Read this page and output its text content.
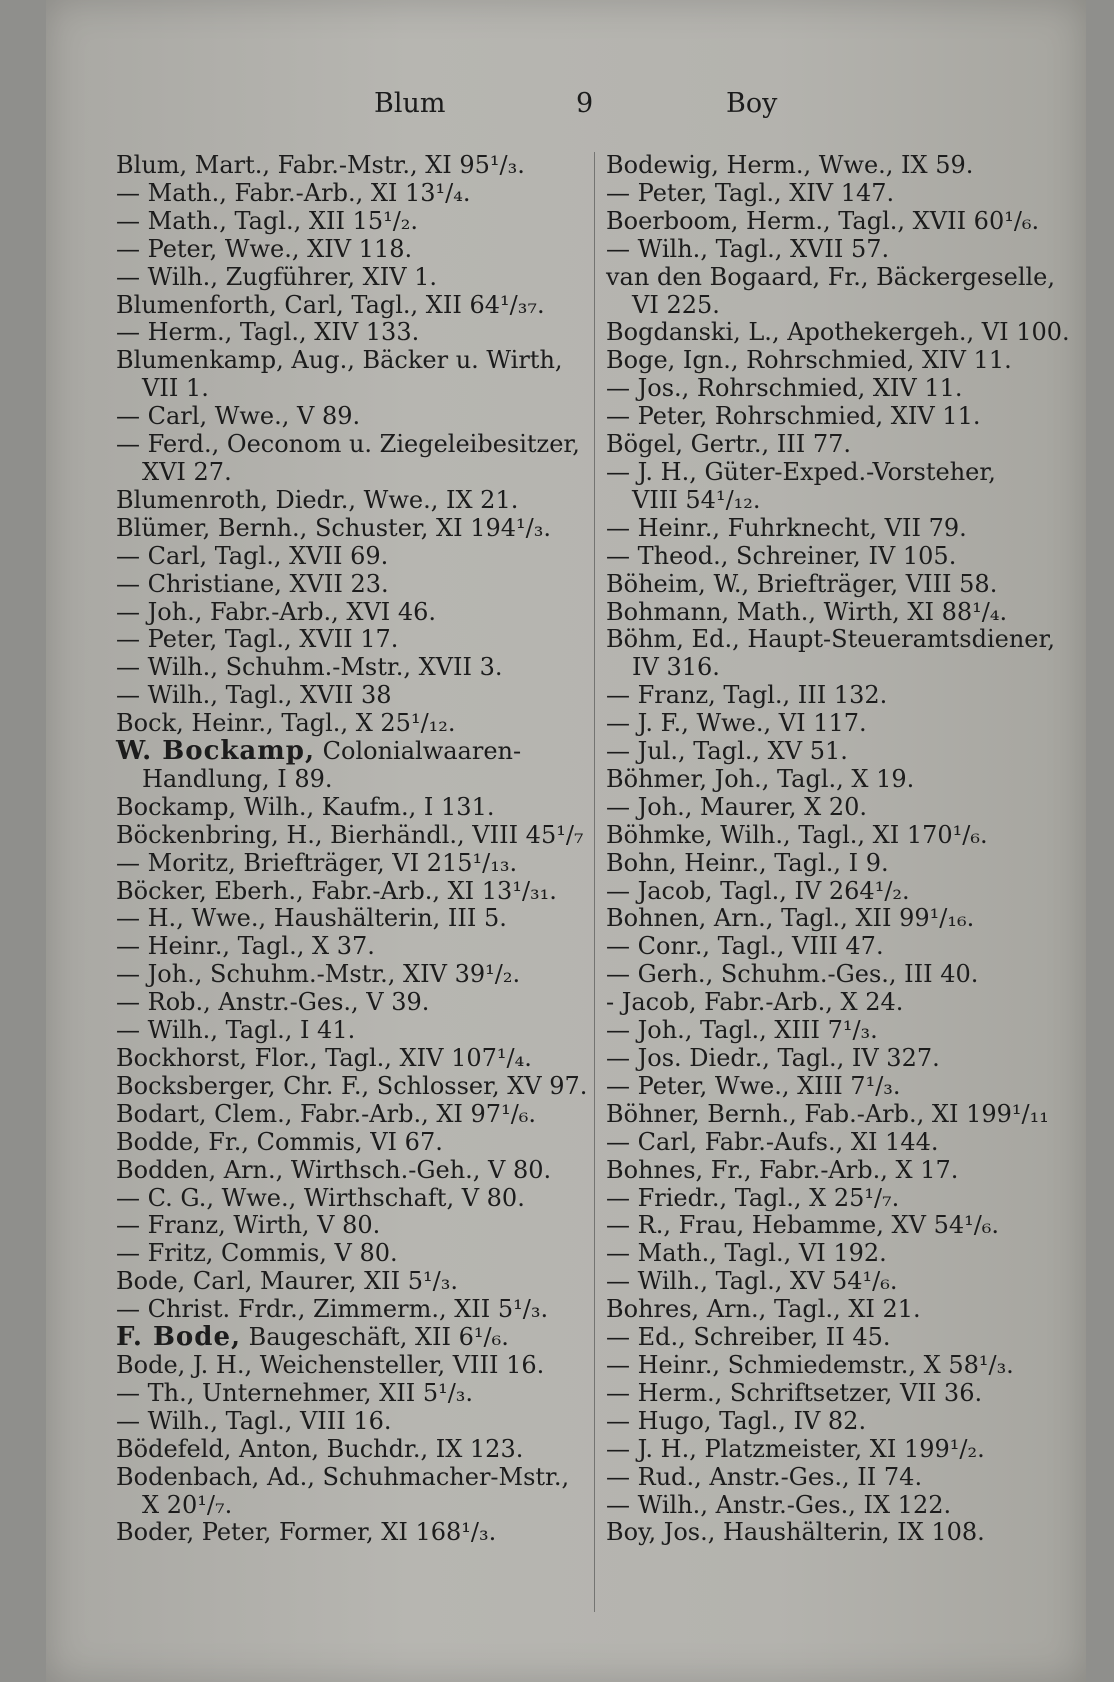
Blum	9	Boy
Blum, Mart., Fabr.-Mstr., XI 95¹/₃.
— Math., Fabr.-Arb., XI 13¹/₄.
— Math., Tagl., XII 15¹/₂.
— Peter, Wwe., XIV 118.
— Wilh., Zugführer, XIV 1.
Blumenforth, Carl, Tagl., XII 64¹/₃₇.
— Herm., Tagl., XIV 133.
Blumenkamp, Aug., Bäcker u. Wirth,
VII 1.
— Carl, Wwe., V 89.
— Ferd., Oeconom u. Ziegeleibesitzer,
XVI 27.
Blumenroth, Diedr., Wwe., IX 21.
Blümer, Bernh., Schuster, XI 194¹/₃.
— Carl, Tagl., XVII 69.
— Christiane, XVII 23.
— Joh., Fabr.-Arb., XVI 46.
— Peter, Tagl., XVII 17.
— Wilh., Schuhm.-Mstr., XVII 3.
— Wilh., Tagl., XVII 38
Bock, Heinr., Tagl., X 25¹/₁₂.
W. Bockamp, Colonialwaaren-
Handlung, I 89.
Bockamp, Wilh., Kaufm., I 131.
Böckenbring, H., Bierhändl., VIII 45¹/₇
— Moritz, Briefträger, VI 215¹/₁₃.
Böcker, Eberh., Fabr.-Arb., XI 13¹/₃₁.
— H., Wwe., Haushälterin, III 5.
— Heinr., Tagl., X 37.
— Joh., Schuhm.-Mstr., XIV 39¹/₂.
— Rob., Anstr.-Ges., V 39.
— Wilh., Tagl., I 41.
Bockhorst, Flor., Tagl., XIV 107¹/₄.
Bocksberger, Chr. F., Schlosser, XV 97.
Bodart, Clem., Fabr.-Arb., XI 97¹/₆.
Bodde, Fr., Commis, VI 67.
Bodden, Arn., Wirthsch.-Geh., V 80.
— C. G., Wwe., Wirthschaft, V 80.
— Franz, Wirth, V 80.
— Fritz, Commis, V 80.
Bode, Carl, Maurer, XII 5¹/₃.
— Christ. Frdr., Zimmerm., XII 5¹/₃.
F. Bode, Baugeschäft, XII 6¹/₆.
Bode, J. H., Weichensteller, VIII 16.
— Th., Unternehmer, XII 5¹/₃.
— Wilh., Tagl., VIII 16.
Bödefeld, Anton, Buchdr., IX 123.
Bodenbach, Ad., Schuhmacher-Mstr.,
X 20¹/₇.
Boder, Peter, Former, XI 168¹/₃.
Bodewig, Herm., Wwe., IX 59.
— Peter, Tagl., XIV 147.
Boerboom, Herm., Tagl., XVII 60¹/₆.
— Wilh., Tagl., XVII 57.
van den Bogaard, Fr., Bäckergeselle,
VI 225.
Bogdanski, L., Apothekergeh., VI 100.
Boge, Ign., Rohrschmied, XIV 11.
— Jos., Rohrschmied, XIV 11.
— Peter, Rohrschmied, XIV 11.
Bögel, Gertr., III 77.
— J. H., Güter-Exped.-Vorsteher,
VIII 54¹/₁₂.
— Heinr., Fuhrknecht, VII 79.
— Theod., Schreiner, IV 105.
Böheim, W., Briefträger, VIII 58.
Bohmann, Math., Wirth, XI 88¹/₄.
Böhm, Ed., Haupt-Steueramtsdiener,
IV 316.
— Franz, Tagl., III 132.
— J. F., Wwe., VI 117.
— Jul., Tagl., XV 51.
Böhmer, Joh., Tagl., X 19.
— Joh., Maurer, X 20.
Böhmke, Wilh., Tagl., XI 170¹/₆.
Bohn, Heinr., Tagl., I 9.
— Jacob, Tagl., IV 264¹/₂.
Bohnen, Arn., Tagl., XII 99¹/₁₆.
— Conr., Tagl., VIII 47.
— Gerh., Schuhm.-Ges., III 40.
- Jacob, Fabr.-Arb., X 24.
— Joh., Tagl., XIII 7¹/₃.
— Jos. Diedr., Tagl., IV 327.
— Peter, Wwe., XIII 7¹/₃.
Böhner, Bernh., Fab.-Arb., XI 199¹/₁₁
— Carl, Fabr.-Aufs., XI 144.
Bohnes, Fr., Fabr.-Arb., X 17.
— Friedr., Tagl., X 25¹/₇.
— R., Frau, Hebamme, XV 54¹/₆.
— Math., Tagl., VI 192.
— Wilh., Tagl., XV 54¹/₆.
Bohres, Arn., Tagl., XI 21.
— Ed., Schreiber, II 45.
— Heinr., Schmiedemstr., X 58¹/₃.
— Herm., Schriftsetzer, VII 36.
— Hugo, Tagl., IV 82.
— J. H., Platzmeister, XI 199¹/₂.
— Rud., Anstr.-Ges., II 74.
— Wilh., Anstr.-Ges., IX 122.
Boy, Jos., Haushälterin, IX 108.
